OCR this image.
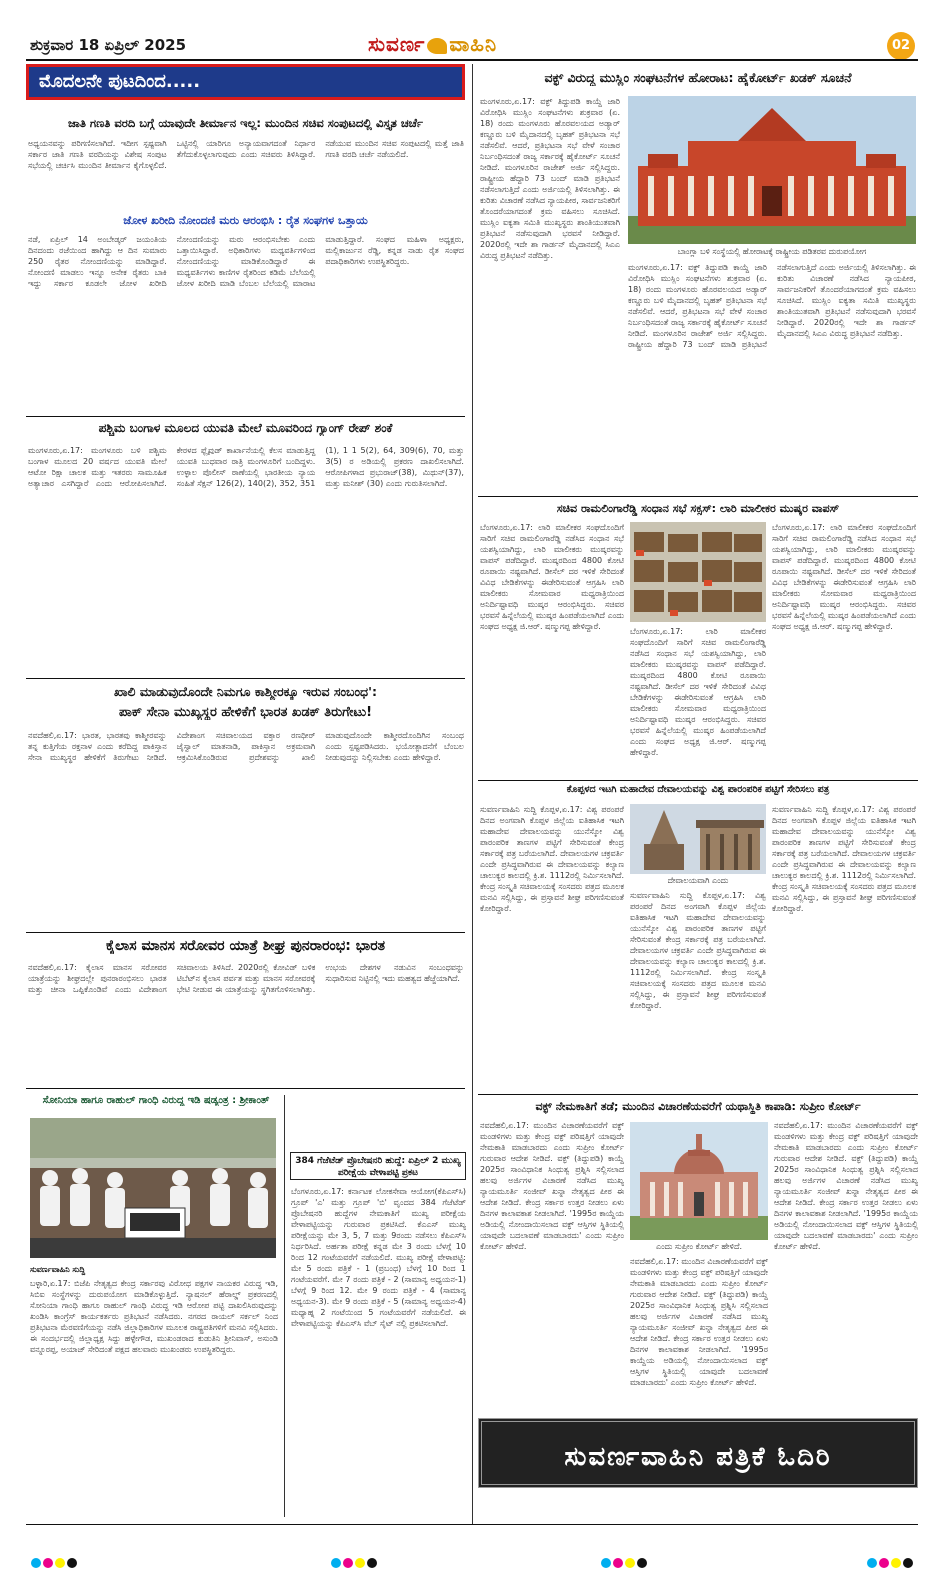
ಶುಕ್ರವಾರ 18 ಏಪ್ರಿಲ್ 2025	ಸುವರ್ಣ ವಾಹಿನಿ	02
ಮೊದಲನೇ ಪುಟದಿಂದ.....
ಜಾತಿ ಗಣತಿ ವರದಿ ಬಗ್ಗೆ ಯಾವುದೇ ತೀರ್ಮಾನ ಇಲ್ಲ: ಮುಂದಿನ ಸಚಿವ ಸಂಪುಟದಲ್ಲಿ ವಿಸ್ತೃತ ಚರ್ಚೆ
ಅಧ್ಯಯನವನ್ನು ಪರಿಗಣಿಸಲಾಗಿದೆ. ಇದೀಗ ಸ್ಪಷ್ಟವಾಗಿ ಸರ್ಕಾರ ಜಾತಿ ಗಣತಿ ವರದಿಯನ್ನು ವಿಶೇಷ ಸಂಪುಟ ಸಭೆಯಲ್ಲಿ ಚರ್ಚಿಸಿ ಮುಂದಿನ ತೀರ್ಮಾನ ಕೈಗೊಳ್ಳಲಿದೆ. ಒಟ್ಟಿನಲ್ಲಿ ಯಾರಿಗೂ ಅನ್ಯಾಯವಾಗದಂತೆ ನಿರ್ಧಾರ ತೆಗೆದುಕೊಳ್ಳಲಾಗುವುದು ಎಂದು ಸಚಿವರು ತಿಳಿಸಿದ್ದಾರೆ. ನಡೆಯುವ ಮುಂದಿನ ಸಚಿವ ಸಂಪುಟದಲ್ಲಿ ಮತ್ತೆ ಜಾತಿ ಗಣತಿ ವರದಿ ಚರ್ಚೆ ನಡೆಯಲಿದೆ.
ಜೋಳ ಖರೀದಿ ನೋಂದಣಿ ಮರು ಆರಂಭಿಸಿ : ರೈತ ಸಂಘಗಳ ಒತ್ತಾಯ
ನಡೆ, ಏಪ್ರಿಲ್ 14 ಅಂಬೇಡ್ಕರ್ ಜಯಂತಿಯ ದಿನದಂದು ರಜೆಯಿಂದ ಹಾಗಿದ್ದು ಆ ದಿನ ಸುಮಾರು 250 ರೈತರ ನೋಂದಣಿಯನ್ನು ಮಾಡಿದ್ದಾರೆ. ನೋಂದಣಿ ಮಾಡಲು ಇನ್ನೂ ಅನೇಕ ರೈತರು ಬಾಕಿ ಇದ್ದು ಸರ್ಕಾರ ಕೂಡಲೇ ಜೋಳ ಖರೀದಿ ನೋಂದಣಿಯನ್ನು ಮರು ಆರಂಭಿಸಬೇಕು ಎಂದು ಒತ್ತಾಯಿಸಿದ್ದಾರೆ. ಅಧಿಕಾರಿಗಳು ಮಧ್ಯವರ್ತಿಗಳಿಂದ ನೋಂದಣಿಯನ್ನು ಮಾಡಿಕೊಂಡಿದ್ದಾರೆ ಈ ಮಧ್ಯವರ್ತಿಗಳು ಕಾಣಿಗಳ ರೈತರಿಂದ ಕಡಿಮೆ ಬೆಲೆಯಲ್ಲಿ ಜೋಳ ಖರೀದಿ ಮಾಡಿ ಬೆಂಬಲ ಬೆಲೆಯಲ್ಲಿ ಮಾರಾಟ ಮಾಡುತ್ತಿದ್ದಾರೆ. ಸಂಘದ ಮಹಿಳಾ ಅಧ್ಯಕ್ಷರು, ಮಲ್ಲಿಕಾರ್ಜುನ ರೆಡ್ಡಿ, ಕನ್ನಡ ನಾಡು ರೈತ ಸಂಘದ ಪದಾಧಿಕಾರಿಗಳು ಉಪಸ್ಥಿತರಿದ್ದರು.
ಪಶ್ಚಿಮ ಬಂಗಾಳ ಮೂಲದ ಯುವತಿ ಮೇಲೆ ಮೂವರಿಂದ ಗ್ಯಾಂಗ್ ರೇಪ್ ಶಂಕೆ
ಮಂಗಳೂರು,ಏ.17: ಮಂಗಳೂರು ಬಳಿ ಪಶ್ಚಿಮ ಬಂಗಾಳ ಮೂಲದ 20 ವರ್ಷದ ಯುವತಿ ಮೇಲೆ ಆಟೋ ರಿಕ್ಷಾ ಚಾಲಕ ಮತ್ತು ಇತರರು ಸಾಮೂಹಿಕ ಅತ್ಯಾಚಾರ ಎಸಗಿದ್ದಾರೆ ಎಂದು ಆರೋಪಿಸಲಾಗಿದೆ. ಕೇರಳದ ಫ್ಲೈವುಡ್ ಕಾರ್ಖಾನೆಯಲ್ಲಿ ಕೆಲಸ ಮಾಡುತ್ತಿದ್ದ ಯುವತಿ ಬುಧವಾರ ರಾತ್ರಿ ಮಂಗಳೂರಿಗೆ ಬಂದಿದ್ದಳು. ಉಳ್ಳಾಲ ಪೊಲೀಸ್ ಠಾಣೆಯಲ್ಲಿ ಭಾರತೀಯ ನ್ಯಾಯ ಸಂಹಿತೆ ಸೆಕ್ಷನ್ 126(2), 140(2), 352, 351 (1), 1 1 5(2), 64, 309(6), 70, ಮತ್ತು 3(5) ರ ಅಡಿಯಲ್ಲಿ ಪ್ರಕರಣ ದಾಖಲಿಸಲಾಗಿದೆ. ಆರೋಪಿಗಳಾದ ಪ್ರಭುರಾಜ್(38), ಮಿಥುನ್(37), ಮತ್ತು ಮನೀಶ್ (30) ಎಂದು ಗುರುತಿಸಲಾಗಿದೆ.
ಖಾಲಿ ಮಾಡುವುದೊಂದೇ ನಿಮಗೂ ಕಾಶ್ಮೀರಕ್ಕೂ ಇರುವ ಸಂಬಂಧ':
ಪಾಕ್ ಸೇನಾ ಮುಖ್ಯಸ್ಥರ ಹೇಳಿಕೆಗೆ ಭಾರತ ಖಡಕ್ ತಿರುಗೇಟು!
ನವದೆಹಲಿ,ಏ.17: ಭಾರತ, ಭಾರತವು ಕಾಶ್ಮೀರವನ್ನು ತನ್ನ ಕುತ್ತಿಗೆಯ ರಕ್ತನಾಳ ಎಂದು ಕರೆದಿದ್ದ ಪಾಕಿಸ್ತಾನ ಸೇನಾ ಮುಖ್ಯಸ್ಥರ ಹೇಳಿಕೆಗೆ ತಿರುಗೇಟು ನೀಡಿದೆ. ವಿದೇಶಾಂಗ ಸಚಿವಾಲಯದ ವಕ್ತಾರ ರಣಧೀರ್ ಜೈಸ್ವಾಲ್ ಮಾತನಾಡಿ, ಪಾಕಿಸ್ತಾನ ಅಕ್ರಮವಾಗಿ ಆಕ್ರಮಿಸಿಕೊಂಡಿರುವ ಪ್ರದೇಶವನ್ನು ಖಾಲಿ ಮಾಡುವುದೊಂದೇ ಕಾಶ್ಮೀರದೊಂದಿಗಿನ ಸಂಬಂಧ ಎಂದು ಸ್ಪಷ್ಟಪಡಿಸಿದರು. ಭಯೋತ್ಪಾದನೆಗೆ ಬೆಂಬಲ ನೀಡುವುದನ್ನು ನಿಲ್ಲಿಸಬೇಕು ಎಂದು ಹೇಳಿದ್ದಾರೆ.
ಕೈಲಾಸ ಮಾನಸ ಸರೋವರ ಯಾತ್ರೆ ಶೀಘ್ರ ಪುನರಾರಂಭ: ಭಾರತ
ನವದೆಹಲಿ,ಏ.17: ಕೈಲಾಸ ಮಾನಸ ಸರೋವರ ಯಾತ್ರೆಯನ್ನು ಶೀಘ್ರದಲ್ಲೇ ಪುನರಾರಂಭಿಸಲು ಭಾರತ ಮತ್ತು ಚೀನಾ ಒಪ್ಪಿಕೊಂಡಿವೆ ಎಂದು ವಿದೇಶಾಂಗ ಸಚಿವಾಲಯ ತಿಳಿಸಿದೆ. 2020ರಲ್ಲಿ ಕೋವಿಡ್ ಬಳಿಕ ಟಿಬೆಟ್‌ನ ಕೈಲಾಸ ಪರ್ವತ ಮತ್ತು ಮಾನಸ ಸರೋವರಕ್ಕೆ ಭೇಟಿ ನೀಡುವ ಈ ಯಾತ್ರೆಯನ್ನು ಸ್ಥಗಿತಗೊಳಿಸಲಾಗಿತ್ತು. ಉಭಯ ದೇಶಗಳ ನಡುವಿನ ಸಂಬಂಧವನ್ನು ಸುಧಾರಿಸುವ ನಿಟ್ಟಿನಲ್ಲಿ ಇದು ಮಹತ್ವದ ಹೆಜ್ಜೆಯಾಗಿದೆ.
ಸೋನಿಯಾ ಹಾಗೂ ರಾಹುಲ್ ಗಾಂಧಿ ವಿರುದ್ಧ ಇಡಿ ಷಡ್ಯಂತ್ರ : ಶ್ರೀಕಾಂತ್
ಸುವರ್ಣವಾಹಿನಿ ಸುದ್ದಿ
ಬಳ್ಳಾರಿ,ಏ.17: ಬಿಜೆಪಿ ನೇತೃತ್ವದ ಕೇಂದ್ರ ಸರ್ಕಾರವು ವಿರೋಧ ಪಕ್ಷಗಳ ನಾಯಕರ ವಿರುದ್ಧ ಇಡಿ, ಸಿಬಿಐ ಸಂಸ್ಥೆಗಳನ್ನು ದುರುಪಯೋಗ ಮಾಡಿಕೊಳ್ಳುತ್ತಿದೆ. ನ್ಯಾಷನಲ್ ಹೆರಾಲ್ಡ್ ಪ್ರಕರಣದಲ್ಲಿ ಸೋನಿಯಾ ಗಾಂಧಿ ಹಾಗೂ ರಾಹುಲ್ ಗಾಂಧಿ ವಿರುದ್ಧ ಇಡಿ ಆರೋಪ ಪಟ್ಟಿ ದಾಖಲಿಸಿರುವುದನ್ನು ಖಂಡಿಸಿ ಕಾಂಗ್ರೆಸ್ ಕಾರ್ಯಕರ್ತರು ಪ್ರತಿಭಟನೆ ನಡೆಸಿದರು. ನಗರದ ರಾಯಲ್ ಸರ್ಕಲ್ ನಿಂದ ಪ್ರತಿಭಟನಾ ಮೆರವಣಿಗೆಯನ್ನು ನಡೆಸಿ ಜಿಲ್ಲಾಧಿಕಾರಿಗಳ ಮೂಲಕ ರಾಷ್ಟ್ರಪತಿಗಳಿಗೆ ಮನವಿ ಸಲ್ಲಿಸಿದರು. ಈ ಸಂದರ್ಭದಲ್ಲಿ ಜಿಲ್ಲಾಧ್ಯಕ್ಷ ಸಿದ್ದು ಹಳ್ಳೇಗೌಡ, ಮುಖಂಡರಾದ ಕುಡುತಿನಿ ಶ್ರೀನಿವಾಸ್, ಅಸುಂಡಿ ವನ್ನೂರಪ್ಪ, ಅಯಾಜ್ ಸೇರಿದಂತೆ ಪಕ್ಷದ ಹಲವಾರು ಮುಖಂಡರು ಉಪಸ್ಥಿತರಿದ್ದರು.
384 ಗೆಜೆಟೆಡ್ ಪ್ರೊಬೇಷನರಿ ಹುದ್ದೆ: ಏಪ್ರಿಲ್ 2 ಮುಖ್ಯ ಪರೀಕ್ಷೆಯ ವೇಳಾಪಟ್ಟಿ ಪ್ರಕಟ
ಬೆಂಗಳೂರು,ಏ.17: ಕರ್ನಾಟಕ ಲೋಕಸೇವಾ ಆಯೋಗ(ಕೆಪಿಎಸ್‌ಸಿ) ಗ್ರೂಪ್ 'ಎ' ಮತ್ತು ಗ್ರೂಪ್ 'ಬಿ' ವೃಂದದ 384 ಗೆಜೆಟೆಡ್ ಪ್ರೊಬೇಷನರಿ ಹುದ್ದೆಗಳ ನೇಮಕಾತಿಗೆ ಮುಖ್ಯ ಪರೀಕ್ಷೆಯ ವೇಳಾಪಟ್ಟಿಯನ್ನು ಗುರುವಾರ ಪ್ರಕಟಿಸಿದೆ. ಕೆಎಎಸ್ ಮುಖ್ಯ ಪರೀಕ್ಷೆಯನ್ನು ಮೇ 3, 5, 7 ಮತ್ತು 9ರಂದು ನಡೆಸಲು ಕೆಪಿಎಸ್‌ಸಿ ನಿರ್ಧರಿಸಿದೆ. ಅರ್ಹತಾ ಪರೀಕ್ಷೆ ಕನ್ನಡ ಮೇ 3 ರಂದು ಬೆಳಗ್ಗೆ 10 ರಿಂದ 12 ಗಂಟೆಯವರೆಗೆ ನಡೆಯಲಿದೆ. ಮುಖ್ಯ ಪರೀಕ್ಷೆ ವೇಳಾಪಟ್ಟಿ: ಮೇ 5 ರಂದು ಪತ್ರಿಕೆ - 1 (ಪ್ರಬಂಧ) ಬೆಳಗ್ಗೆ 10 ರಿಂದ 1 ಗಂಟೆಯವರೆಗೆ. ಮೇ 7 ರಂದು ಪತ್ರಿಕೆ - 2 (ಸಾಮಾನ್ಯ ಅಧ್ಯಯನ-1) ಬೆಳಗ್ಗೆ 9 ರಿಂದ 12. ಮೇ 9 ರಂದು ಪತ್ರಿಕೆ - 4 (ಸಾಮಾನ್ಯ ಅಧ್ಯಯನ-3). ಮೇ 9 ರಂದು ಪತ್ರಿಕೆ - 5 (ಸಾಮಾನ್ಯ ಅಧ್ಯಯನ-4) ಮಧ್ಯಾಹ್ನ 2 ಗಂಟೆಯಿಂದ 5 ಗಂಟೆಯವರೆಗೆ ನಡೆಯಲಿದೆ. ಈ ವೇಳಾಪಟ್ಟಿಯನ್ನು ಕೆಪಿಎಸ್‌ಸಿ ವೆಬ್ ಸೈಟ್ ನಲ್ಲಿ ಪ್ರಕಟಿಸಲಾಗಿದೆ.
ವಕ್ಫ್ ವಿರುದ್ಧ ಮುಸ್ಲಿಂ ಸಂಘಟನೆಗಳ ಹೋರಾಟ: ಹೈಕೋರ್ಟ್ ಖಡಕ್ ಸೂಚನೆ
ಬಾಂಗ್ಲಾ ಬಳಿ ಸಂಸ್ಥೆಯಲ್ಲಿ ಹೋರಾಟಕ್ಕೆ ರಾಷ್ಟ್ರೀಯ ಪಡಿತರವ ದುರುಪಯೋಗ
ಮಂಗಳೂರು,ಏ.17: ವಕ್ಫ್ ತಿದ್ದುಪಡಿ ಕಾಯ್ದೆ ಜಾರಿ ವಿರೋಧಿಸಿ ಮುಸ್ಲಿಂ ಸಂಘಟನೆಗಳು ಶುಕ್ರವಾರ (ಏ. 18) ರಂದು ಮಂಗಳೂರು ಹೊರವಲಯದ ಅಡ್ಯಾರ್ ಕಣ್ಣೂರು ಬಳಿ ಮೈದಾನದಲ್ಲಿ ಬೃಹತ್ ಪ್ರತಿಭಟನಾ ಸಭೆ ನಡೆಸಲಿವೆ. ಆದರೆ, ಪ್ರತಿಭಟನಾ ಸಭೆ ವೇಳೆ ಸಂಚಾರ ನಿರ್ಬಂಧಿಸದಂತೆ ರಾಜ್ಯ ಸರ್ಕಾರಕ್ಕೆ ಹೈಕೋರ್ಟ್ ಸೂಚನೆ ನೀಡಿದೆ. ಮಂಗಳೂರಿನ ರಾಜೇಶ್ ಅರ್ಜಿ ಸಲ್ಲಿಸಿದ್ದರು. ರಾಷ್ಟ್ರೀಯ ಹೆದ್ದಾರಿ 73 ಬಂದ್ ಮಾಡಿ ಪ್ರತಿಭಟನೆ ನಡೆಸಲಾಗುತ್ತಿದೆ ಎಂದು ಅರ್ಜಿಯಲ್ಲಿ ತಿಳಿಸಲಾಗಿತ್ತು. ಈ ಕುರಿತು ವಿಚಾರಣೆ ನಡೆಸಿದ ನ್ಯಾಯಪೀಠ, ಸಾರ್ವಜನಿಕರಿಗೆ ತೊಂದರೆಯಾಗದಂತೆ ಕ್ರಮ ವಹಿಸಲು ಸೂಚಿಸಿದೆ. ಮುಸ್ಲಿಂ ಐಕ್ಯತಾ ಸಮಿತಿ ಮುಖ್ಯಸ್ಥರು ಶಾಂತಿಯುತವಾಗಿ ಪ್ರತಿಭಟನೆ ನಡೆಸುವುದಾಗಿ ಭರವಸೆ ನೀಡಿದ್ದಾರೆ. 2020ರಲ್ಲಿ ಇದೇ ಶಾ ಗಾರ್ಡನ್ ಮೈದಾನದಲ್ಲಿ ಸಿಎಎ ವಿರುದ್ಧ ಪ್ರತಿಭಟನೆ ನಡೆದಿತ್ತು.
ಮಂಗಳೂರು,ಏ.17: ವಕ್ಫ್ ತಿದ್ದುಪಡಿ ಕಾಯ್ದೆ ಜಾರಿ ವಿರೋಧಿಸಿ ಮುಸ್ಲಿಂ ಸಂಘಟನೆಗಳು ಶುಕ್ರವಾರ (ಏ. 18) ರಂದು ಮಂಗಳೂರು ಹೊರವಲಯದ ಅಡ್ಯಾರ್ ಕಣ್ಣೂರು ಬಳಿ ಮೈದಾನದಲ್ಲಿ ಬೃಹತ್ ಪ್ರತಿಭಟನಾ ಸಭೆ ನಡೆಸಲಿವೆ. ಆದರೆ, ಪ್ರತಿಭಟನಾ ಸಭೆ ವೇಳೆ ಸಂಚಾರ ನಿರ್ಬಂಧಿಸದಂತೆ ರಾಜ್ಯ ಸರ್ಕಾರಕ್ಕೆ ಹೈಕೋರ್ಟ್ ಸೂಚನೆ ನೀಡಿದೆ. ಮಂಗಳೂರಿನ ರಾಜೇಶ್ ಅರ್ಜಿ ಸಲ್ಲಿಸಿದ್ದರು. ರಾಷ್ಟ್ರೀಯ ಹೆದ್ದಾರಿ 73 ಬಂದ್ ಮಾಡಿ ಪ್ರತಿಭಟನೆ ನಡೆಸಲಾಗುತ್ತಿದೆ ಎಂದು ಅರ್ಜಿಯಲ್ಲಿ ತಿಳಿಸಲಾಗಿತ್ತು. ಈ ಕುರಿತು ವಿಚಾರಣೆ ನಡೆಸಿದ ನ್ಯಾಯಪೀಠ, ಸಾರ್ವಜನಿಕರಿಗೆ ತೊಂದರೆಯಾಗದಂತೆ ಕ್ರಮ ವಹಿಸಲು ಸೂಚಿಸಿದೆ. ಮುಸ್ಲಿಂ ಐಕ್ಯತಾ ಸಮಿತಿ ಮುಖ್ಯಸ್ಥರು ಶಾಂತಿಯುತವಾಗಿ ಪ್ರತಿಭಟನೆ ನಡೆಸುವುದಾಗಿ ಭರವಸೆ ನೀಡಿದ್ದಾರೆ. 2020ರಲ್ಲಿ ಇದೇ ಶಾ ಗಾರ್ಡನ್ ಮೈದಾನದಲ್ಲಿ ಸಿಎಎ ವಿರುದ್ಧ ಪ್ರತಿಭಟನೆ ನಡೆದಿತ್ತು.
ಸಚಿವ ರಾಮಲಿಂಗಾರೆಡ್ಡಿ ಸಂಧಾನ ಸಭೆ ಸಕ್ಸಸ್: ಲಾರಿ ಮಾಲೀಕರ ಮುಷ್ಕರ ವಾಪಸ್
ಬೆಂಗಳೂರು,ಏ.17: ಲಾರಿ ಮಾಲೀಕರ ಸಂಘದೊಂದಿಗೆ ಸಾರಿಗೆ ಸಚಿವ ರಾಮಲಿಂಗಾರೆಡ್ಡಿ ನಡೆಸಿದ ಸಂಧಾನ ಸಭೆ ಯಶಸ್ವಿಯಾಗಿದ್ದು, ಲಾರಿ ಮಾಲೀಕರು ಮುಷ್ಕರವನ್ನು ವಾಪಸ್ ಪಡೆದಿದ್ದಾರೆ. ಮುಷ್ಕರದಿಂದ 4800 ಕೋಟಿ ರೂಪಾಯಿ ನಷ್ಟವಾಗಿದೆ. ಡೀಸೆಲ್ ದರ ಇಳಿಕೆ ಸೇರಿದಂತೆ ವಿವಿಧ ಬೇಡಿಕೆಗಳನ್ನು ಈಡೇರಿಸುವಂತೆ ಆಗ್ರಹಿಸಿ ಲಾರಿ ಮಾಲೀಕರು ಸೋಮವಾರ ಮಧ್ಯರಾತ್ರಿಯಿಂದ ಅನಿರ್ದಿಷ್ಟಾವಧಿ ಮುಷ್ಕರ ಆರಂಭಿಸಿದ್ದರು. ಸಚಿವರ ಭರವಸೆ ಹಿನ್ನೆಲೆಯಲ್ಲಿ ಮುಷ್ಕರ ಹಿಂಪಡೆಯಲಾಗಿದೆ ಎಂದು ಸಂಘದ ಅಧ್ಯಕ್ಷ ಜಿ.ಆರ್. ಷಣ್ಮುಗಪ್ಪ ಹೇಳಿದ್ದಾರೆ.
ಬೆಂಗಳೂರು,ಏ.17: ಲಾರಿ ಮಾಲೀಕರ ಸಂಘದೊಂದಿಗೆ ಸಾರಿಗೆ ಸಚಿವ ರಾಮಲಿಂಗಾರೆಡ್ಡಿ ನಡೆಸಿದ ಸಂಧಾನ ಸಭೆ ಯಶಸ್ವಿಯಾಗಿದ್ದು, ಲಾರಿ ಮಾಲೀಕರು ಮುಷ್ಕರವನ್ನು ವಾಪಸ್ ಪಡೆದಿದ್ದಾರೆ. ಮುಷ್ಕರದಿಂದ 4800 ಕೋಟಿ ರೂಪಾಯಿ ನಷ್ಟವಾಗಿದೆ. ಡೀಸೆಲ್ ದರ ಇಳಿಕೆ ಸೇರಿದಂತೆ ವಿವಿಧ ಬೇಡಿಕೆಗಳನ್ನು ಈಡೇರಿಸುವಂತೆ ಆಗ್ರಹಿಸಿ ಲಾರಿ ಮಾಲೀಕರು ಸೋಮವಾರ ಮಧ್ಯರಾತ್ರಿಯಿಂದ ಅನಿರ್ದಿಷ್ಟಾವಧಿ ಮುಷ್ಕರ ಆರಂಭಿಸಿದ್ದರು. ಸಚಿವರ ಭರವಸೆ ಹಿನ್ನೆಲೆಯಲ್ಲಿ ಮುಷ್ಕರ ಹಿಂಪಡೆಯಲಾಗಿದೆ ಎಂದು ಸಂಘದ ಅಧ್ಯಕ್ಷ ಜಿ.ಆರ್. ಷಣ್ಮುಗಪ್ಪ ಹೇಳಿದ್ದಾರೆ.
ಬೆಂಗಳೂರು,ಏ.17: ಲಾರಿ ಮಾಲೀಕರ ಸಂಘದೊಂದಿಗೆ ಸಾರಿಗೆ ಸಚಿವ ರಾಮಲಿಂಗಾರೆಡ್ಡಿ ನಡೆಸಿದ ಸಂಧಾನ ಸಭೆ ಯಶಸ್ವಿಯಾಗಿದ್ದು, ಲಾರಿ ಮಾಲೀಕರು ಮುಷ್ಕರವನ್ನು ವಾಪಸ್ ಪಡೆದಿದ್ದಾರೆ. ಮುಷ್ಕರದಿಂದ 4800 ಕೋಟಿ ರೂಪಾಯಿ ನಷ್ಟವಾಗಿದೆ. ಡೀಸೆಲ್ ದರ ಇಳಿಕೆ ಸೇರಿದಂತೆ ವಿವಿಧ ಬೇಡಿಕೆಗಳನ್ನು ಈಡೇರಿಸುವಂತೆ ಆಗ್ರಹಿಸಿ ಲಾರಿ ಮಾಲೀಕರು ಸೋಮವಾರ ಮಧ್ಯರಾತ್ರಿಯಿಂದ ಅನಿರ್ದಿಷ್ಟಾವಧಿ ಮುಷ್ಕರ ಆರಂಭಿಸಿದ್ದರು. ಸಚಿವರ ಭರವಸೆ ಹಿನ್ನೆಲೆಯಲ್ಲಿ ಮುಷ್ಕರ ಹಿಂಪಡೆಯಲಾಗಿದೆ ಎಂದು ಸಂಘದ ಅಧ್ಯಕ್ಷ ಜಿ.ಆರ್. ಷಣ್ಮುಗಪ್ಪ ಹೇಳಿದ್ದಾರೆ.
ಕೊಪ್ಪಳದ ಇಟಗಿ ಮಹಾದೇವ ದೇವಾಲಯವನ್ನು ವಿಶ್ವ ಪಾರಂಪರಿಕ ಪಟ್ಟಿಗೆ ಸೇರಿಸಲು ಪತ್ರ
ಸುವರ್ಣವಾಹಿನಿ ಸುದ್ದಿ ಕೊಪ್ಪಳ,ಏ.17: ವಿಶ್ವ ಪರಂಪರೆ ದಿನದ ಅಂಗವಾಗಿ ಕೊಪ್ಪಳ ಜಿಲ್ಲೆಯ ಐತಿಹಾಸಿಕ ಇಟಗಿ ಮಹಾದೇವ ದೇವಾಲಯವನ್ನು ಯುನೆಸ್ಕೋ ವಿಶ್ವ ಪಾರಂಪರಿಕ ತಾಣಗಳ ಪಟ್ಟಿಗೆ ಸೇರಿಸುವಂತೆ ಕೇಂದ್ರ ಸರ್ಕಾರಕ್ಕೆ ಪತ್ರ ಬರೆಯಲಾಗಿದೆ. ದೇವಾಲಯಗಳ ಚಕ್ರವರ್ತಿ ಎಂದೇ ಪ್ರಸಿದ್ಧವಾಗಿರುವ ಈ ದೇವಾಲಯವನ್ನು ಕಲ್ಯಾಣ ಚಾಲುಕ್ಯರ ಕಾಲದಲ್ಲಿ ಕ್ರಿ.ಶ. 1112ರಲ್ಲಿ ನಿರ್ಮಿಸಲಾಗಿದೆ. ಕೇಂದ್ರ ಸಂಸ್ಕೃತಿ ಸಚಿವಾಲಯಕ್ಕೆ ಸಂಸದರು ಪತ್ರದ ಮೂಲಕ ಮನವಿ ಸಲ್ಲಿಸಿದ್ದು, ಈ ಪ್ರಸ್ತಾವನೆ ಶೀಘ್ರ ಪರಿಗಣಿಸುವಂತೆ ಕೋರಿದ್ದಾರೆ.
ದೇವಾಲಯವಾಗಿ ಎಂದು
ಸುವರ್ಣವಾಹಿನಿ ಸುದ್ದಿ ಕೊಪ್ಪಳ,ಏ.17: ವಿಶ್ವ ಪರಂಪರೆ ದಿನದ ಅಂಗವಾಗಿ ಕೊಪ್ಪಳ ಜಿಲ್ಲೆಯ ಐತಿಹಾಸಿಕ ಇಟಗಿ ಮಹಾದೇವ ದೇವಾಲಯವನ್ನು ಯುನೆಸ್ಕೋ ವಿಶ್ವ ಪಾರಂಪರಿಕ ತಾಣಗಳ ಪಟ್ಟಿಗೆ ಸೇರಿಸುವಂತೆ ಕೇಂದ್ರ ಸರ್ಕಾರಕ್ಕೆ ಪತ್ರ ಬರೆಯಲಾಗಿದೆ. ದೇವಾಲಯಗಳ ಚಕ್ರವರ್ತಿ ಎಂದೇ ಪ್ರಸಿದ್ಧವಾಗಿರುವ ಈ ದೇವಾಲಯವನ್ನು ಕಲ್ಯಾಣ ಚಾಲುಕ್ಯರ ಕಾಲದಲ್ಲಿ ಕ್ರಿ.ಶ. 1112ರಲ್ಲಿ ನಿರ್ಮಿಸಲಾಗಿದೆ. ಕೇಂದ್ರ ಸಂಸ್ಕೃತಿ ಸಚಿವಾಲಯಕ್ಕೆ ಸಂಸದರು ಪತ್ರದ ಮೂಲಕ ಮನವಿ ಸಲ್ಲಿಸಿದ್ದು, ಈ ಪ್ರಸ್ತಾವನೆ ಶೀಘ್ರ ಪರಿಗಣಿಸುವಂತೆ ಕೋರಿದ್ದಾರೆ.
ಸುವರ್ಣವಾಹಿನಿ ಸುದ್ದಿ ಕೊಪ್ಪಳ,ಏ.17: ವಿಶ್ವ ಪರಂಪರೆ ದಿನದ ಅಂಗವಾಗಿ ಕೊಪ್ಪಳ ಜಿಲ್ಲೆಯ ಐತಿಹಾಸಿಕ ಇಟಗಿ ಮಹಾದೇವ ದೇವಾಲಯವನ್ನು ಯುನೆಸ್ಕೋ ವಿಶ್ವ ಪಾರಂಪರಿಕ ತಾಣಗಳ ಪಟ್ಟಿಗೆ ಸೇರಿಸುವಂತೆ ಕೇಂದ್ರ ಸರ್ಕಾರಕ್ಕೆ ಪತ್ರ ಬರೆಯಲಾಗಿದೆ. ದೇವಾಲಯಗಳ ಚಕ್ರವರ್ತಿ ಎಂದೇ ಪ್ರಸಿದ್ಧವಾಗಿರುವ ಈ ದೇವಾಲಯವನ್ನು ಕಲ್ಯಾಣ ಚಾಲುಕ್ಯರ ಕಾಲದಲ್ಲಿ ಕ್ರಿ.ಶ. 1112ರಲ್ಲಿ ನಿರ್ಮಿಸಲಾಗಿದೆ. ಕೇಂದ್ರ ಸಂಸ್ಕೃತಿ ಸಚಿವಾಲಯಕ್ಕೆ ಸಂಸದರು ಪತ್ರದ ಮೂಲಕ ಮನವಿ ಸಲ್ಲಿಸಿದ್ದು, ಈ ಪ್ರಸ್ತಾವನೆ ಶೀಘ್ರ ಪರಿಗಣಿಸುವಂತೆ ಕೋರಿದ್ದಾರೆ.
ವಕ್ಫ್ ನೇಮಕಾತಿಗೆ ತಡೆ; ಮುಂದಿನ ವಿಚಾರಣೆಯವರೆಗೆ ಯಥಾಸ್ಥಿತಿ ಕಾಪಾಡಿ: ಸುಪ್ರೀಂ ಕೋರ್ಟ್
ನವದೆಹಲಿ,ಏ.17: ಮುಂದಿನ ವಿಚಾರಣೆಯವರೆಗೆ ವಕ್ಫ್ ಮಂಡಳಿಗಳು ಮತ್ತು ಕೇಂದ್ರ ವಕ್ಫ್ ಪರಿಷತ್ತಿಗೆ ಯಾವುದೇ ನೇಮಕಾತಿ ಮಾಡಬಾರದು ಎಂದು ಸುಪ್ರೀಂ ಕೋರ್ಟ್ ಗುರುವಾರ ಆದೇಶ ನೀಡಿದೆ. ವಕ್ಫ್ (ತಿದ್ದುಪಡಿ) ಕಾಯ್ದೆ 2025ರ ಸಾಂವಿಧಾನಿಕ ಸಿಂಧುತ್ವ ಪ್ರಶ್ನಿಸಿ ಸಲ್ಲಿಸಲಾದ ಹಲವು ಅರ್ಜಿಗಳ ವಿಚಾರಣೆ ನಡೆಸಿದ ಮುಖ್ಯ ನ್ಯಾಯಮೂರ್ತಿ ಸಂಜೀವ್ ಖನ್ನಾ ನೇತೃತ್ವದ ಪೀಠ ಈ ಆದೇಶ ನೀಡಿದೆ. ಕೇಂದ್ರ ಸರ್ಕಾರ ಉತ್ತರ ನೀಡಲು ಏಳು ದಿನಗಳ ಕಾಲಾವಕಾಶ ನೀಡಲಾಗಿದೆ. '1995ರ ಕಾಯ್ದೆಯ ಅಡಿಯಲ್ಲಿ ನೋಂದಾಯಿಸಲಾದ ವಕ್ಫ್ ಆಸ್ತಿಗಳ ಸ್ಥಿತಿಯಲ್ಲಿ ಯಾವುದೇ ಬದಲಾವಣೆ ಮಾಡಬಾರದು' ಎಂದು ಸುಪ್ರೀಂ ಕೋರ್ಟ್ ಹೇಳಿದೆ.	ಎಂದು ಸುಪ್ರೀಂ ಕೋರ್ಟ್ ಹೇಳಿದೆ.
ನವದೆಹಲಿ,ಏ.17: ಮುಂದಿನ ವಿಚಾರಣೆಯವರೆಗೆ ವಕ್ಫ್ ಮಂಡಳಿಗಳು ಮತ್ತು ಕೇಂದ್ರ ವಕ್ಫ್ ಪರಿಷತ್ತಿಗೆ ಯಾವುದೇ ನೇಮಕಾತಿ ಮಾಡಬಾರದು ಎಂದು ಸುಪ್ರೀಂ ಕೋರ್ಟ್ ಗುರುವಾರ ಆದೇಶ ನೀಡಿದೆ. ವಕ್ಫ್ (ತಿದ್ದುಪಡಿ) ಕಾಯ್ದೆ 2025ರ ಸಾಂವಿಧಾನಿಕ ಸಿಂಧುತ್ವ ಪ್ರಶ್ನಿಸಿ ಸಲ್ಲಿಸಲಾದ ಹಲವು ಅರ್ಜಿಗಳ ವಿಚಾರಣೆ ನಡೆಸಿದ ಮುಖ್ಯ ನ್ಯಾಯಮೂರ್ತಿ ಸಂಜೀವ್ ಖನ್ನಾ ನೇತೃತ್ವದ ಪೀಠ ಈ ಆದೇಶ ನೀಡಿದೆ. ಕೇಂದ್ರ ಸರ್ಕಾರ ಉತ್ತರ ನೀಡಲು ಏಳು ದಿನಗಳ ಕಾಲಾವಕಾಶ ನೀಡಲಾಗಿದೆ. '1995ರ ಕಾಯ್ದೆಯ ಅಡಿಯಲ್ಲಿ ನೋಂದಾಯಿಸಲಾದ ವಕ್ಫ್ ಆಸ್ತಿಗಳ ಸ್ಥಿತಿಯಲ್ಲಿ ಯಾವುದೇ ಬದಲಾವಣೆ ಮಾಡಬಾರದು' ಎಂದು ಸುಪ್ರೀಂ ಕೋರ್ಟ್ ಹೇಳಿದೆ.
ನವದೆಹಲಿ,ಏ.17: ಮುಂದಿನ ವಿಚಾರಣೆಯವರೆಗೆ ವಕ್ಫ್ ಮಂಡಳಿಗಳು ಮತ್ತು ಕೇಂದ್ರ ವಕ್ಫ್ ಪರಿಷತ್ತಿಗೆ ಯಾವುದೇ ನೇಮಕಾತಿ ಮಾಡಬಾರದು ಎಂದು ಸುಪ್ರೀಂ ಕೋರ್ಟ್ ಗುರುವಾರ ಆದೇಶ ನೀಡಿದೆ. ವಕ್ಫ್ (ತಿದ್ದುಪಡಿ) ಕಾಯ್ದೆ 2025ರ ಸಾಂವಿಧಾನಿಕ ಸಿಂಧುತ್ವ ಪ್ರಶ್ನಿಸಿ ಸಲ್ಲಿಸಲಾದ ಹಲವು ಅರ್ಜಿಗಳ ವಿಚಾರಣೆ ನಡೆಸಿದ ಮುಖ್ಯ ನ್ಯಾಯಮೂರ್ತಿ ಸಂಜೀವ್ ಖನ್ನಾ ನೇತೃತ್ವದ ಪೀಠ ಈ ಆದೇಶ ನೀಡಿದೆ. ಕೇಂದ್ರ ಸರ್ಕಾರ ಉತ್ತರ ನೀಡಲು ಏಳು ದಿನಗಳ ಕಾಲಾವಕಾಶ ನೀಡಲಾಗಿದೆ. '1995ರ ಕಾಯ್ದೆಯ ಅಡಿಯಲ್ಲಿ ನೋಂದಾಯಿಸಲಾದ ವಕ್ಫ್ ಆಸ್ತಿಗಳ ಸ್ಥಿತಿಯಲ್ಲಿ ಯಾವುದೇ ಬದಲಾವಣೆ ಮಾಡಬಾರದು' ಎಂದು ಸುಪ್ರೀಂ ಕೋರ್ಟ್ ಹೇಳಿದೆ.
ಸುವರ್ಣವಾಹಿನಿ ಪತ್ರಿಕೆ ಓದಿರಿ
